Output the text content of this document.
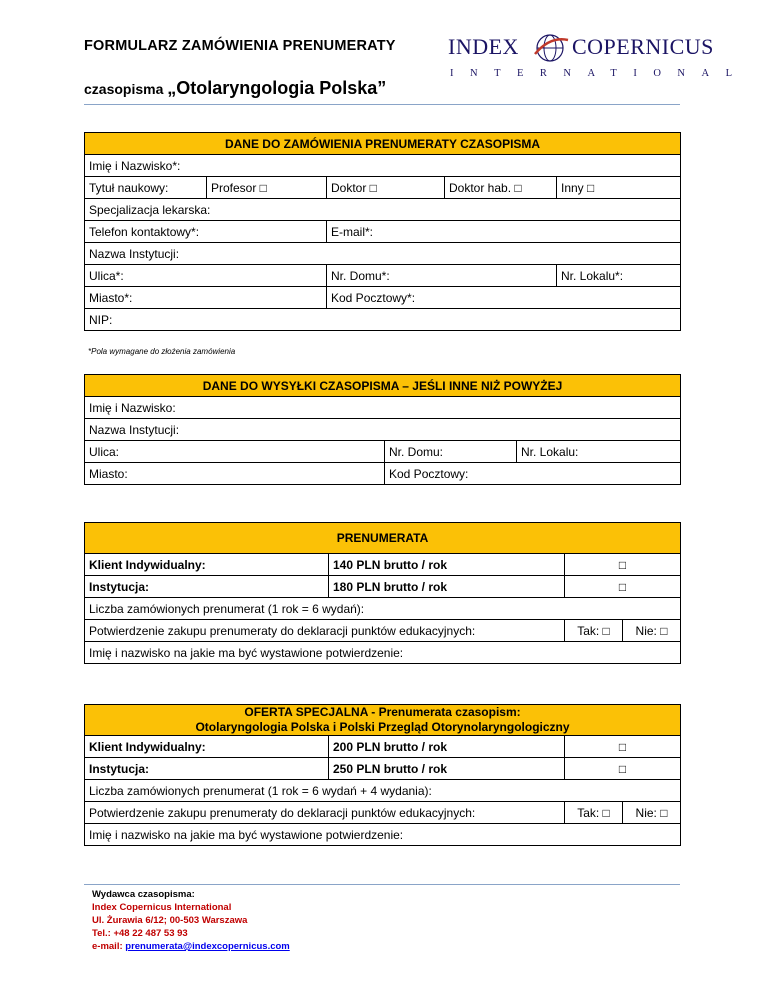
FORMULARZ ZAMÓWIENIA PRENUMERATY
czasopisma „Otolaryngologia Polska”
INDEX COPERNICUS
INTERNATIONAL
DANE DO ZAMÓWIENIA PRENUMERATY CZASOPISMA				
Imię i Nazwisko*:				
Tytuł naukowy:	Profesor □	Doktor □	Doktor hab. □	Inny □
Specjalizacja lekarska:				
Telefon kontaktowy*:		E-mail*:		
Nazwa Instytucji:				
Ulica*:		Nr. Domu*:		Nr. Lokalu*:
Miasto*:		Kod Pocztowy*:		
NIP:				
*Pola wymagane do złożenia zamówienia
DANE DO WYSYŁKI CZASOPISMA – JEŚLI INNE NIŻ POWYŻEJ		
Imię i Nazwisko:		
Nazwa Instytucji:		
Ulica:	Nr. Domu:	Nr. Lokalu:
Miasto:	Kod Pocztowy:	
PRENUMERATA			
Klient Indywidualny:	140 PLN brutto / rok	□	
Instytucja:	180 PLN brutto / rok	□	
Liczba zamówionych prenumerat (1 rok = 6 wydań):			
Potwierdzenie zakupu prenumeraty do deklaracji punktów edukacyjnych:		Tak: □	Nie: □
Imię i nazwisko na jakie ma być wystawione potwierdzenie:			
OFERTA SPECJALNA - Prenumerata czasopism:
Otolaryngologia Polska i Polski Przegląd Otorynolaryngologiczny			
Klient Indywidualny:	200 PLN brutto / rok	□	
Instytucja:	250 PLN brutto / rok	□	
Liczba zamówionych prenumerat (1 rok = 6 wydań + 4 wydania):			
Potwierdzenie zakupu prenumeraty do deklaracji punktów edukacyjnych:		Tak: □	Nie: □
Imię i nazwisko na jakie ma być wystawione potwierdzenie:			
Wydawca czasopisma:
Index Copernicus International
Ul. Żurawia 6/12; 00-503 Warszawa
Tel.: +48 22 487 53 93
e-mail: prenumerata@indexcopernicus.com
